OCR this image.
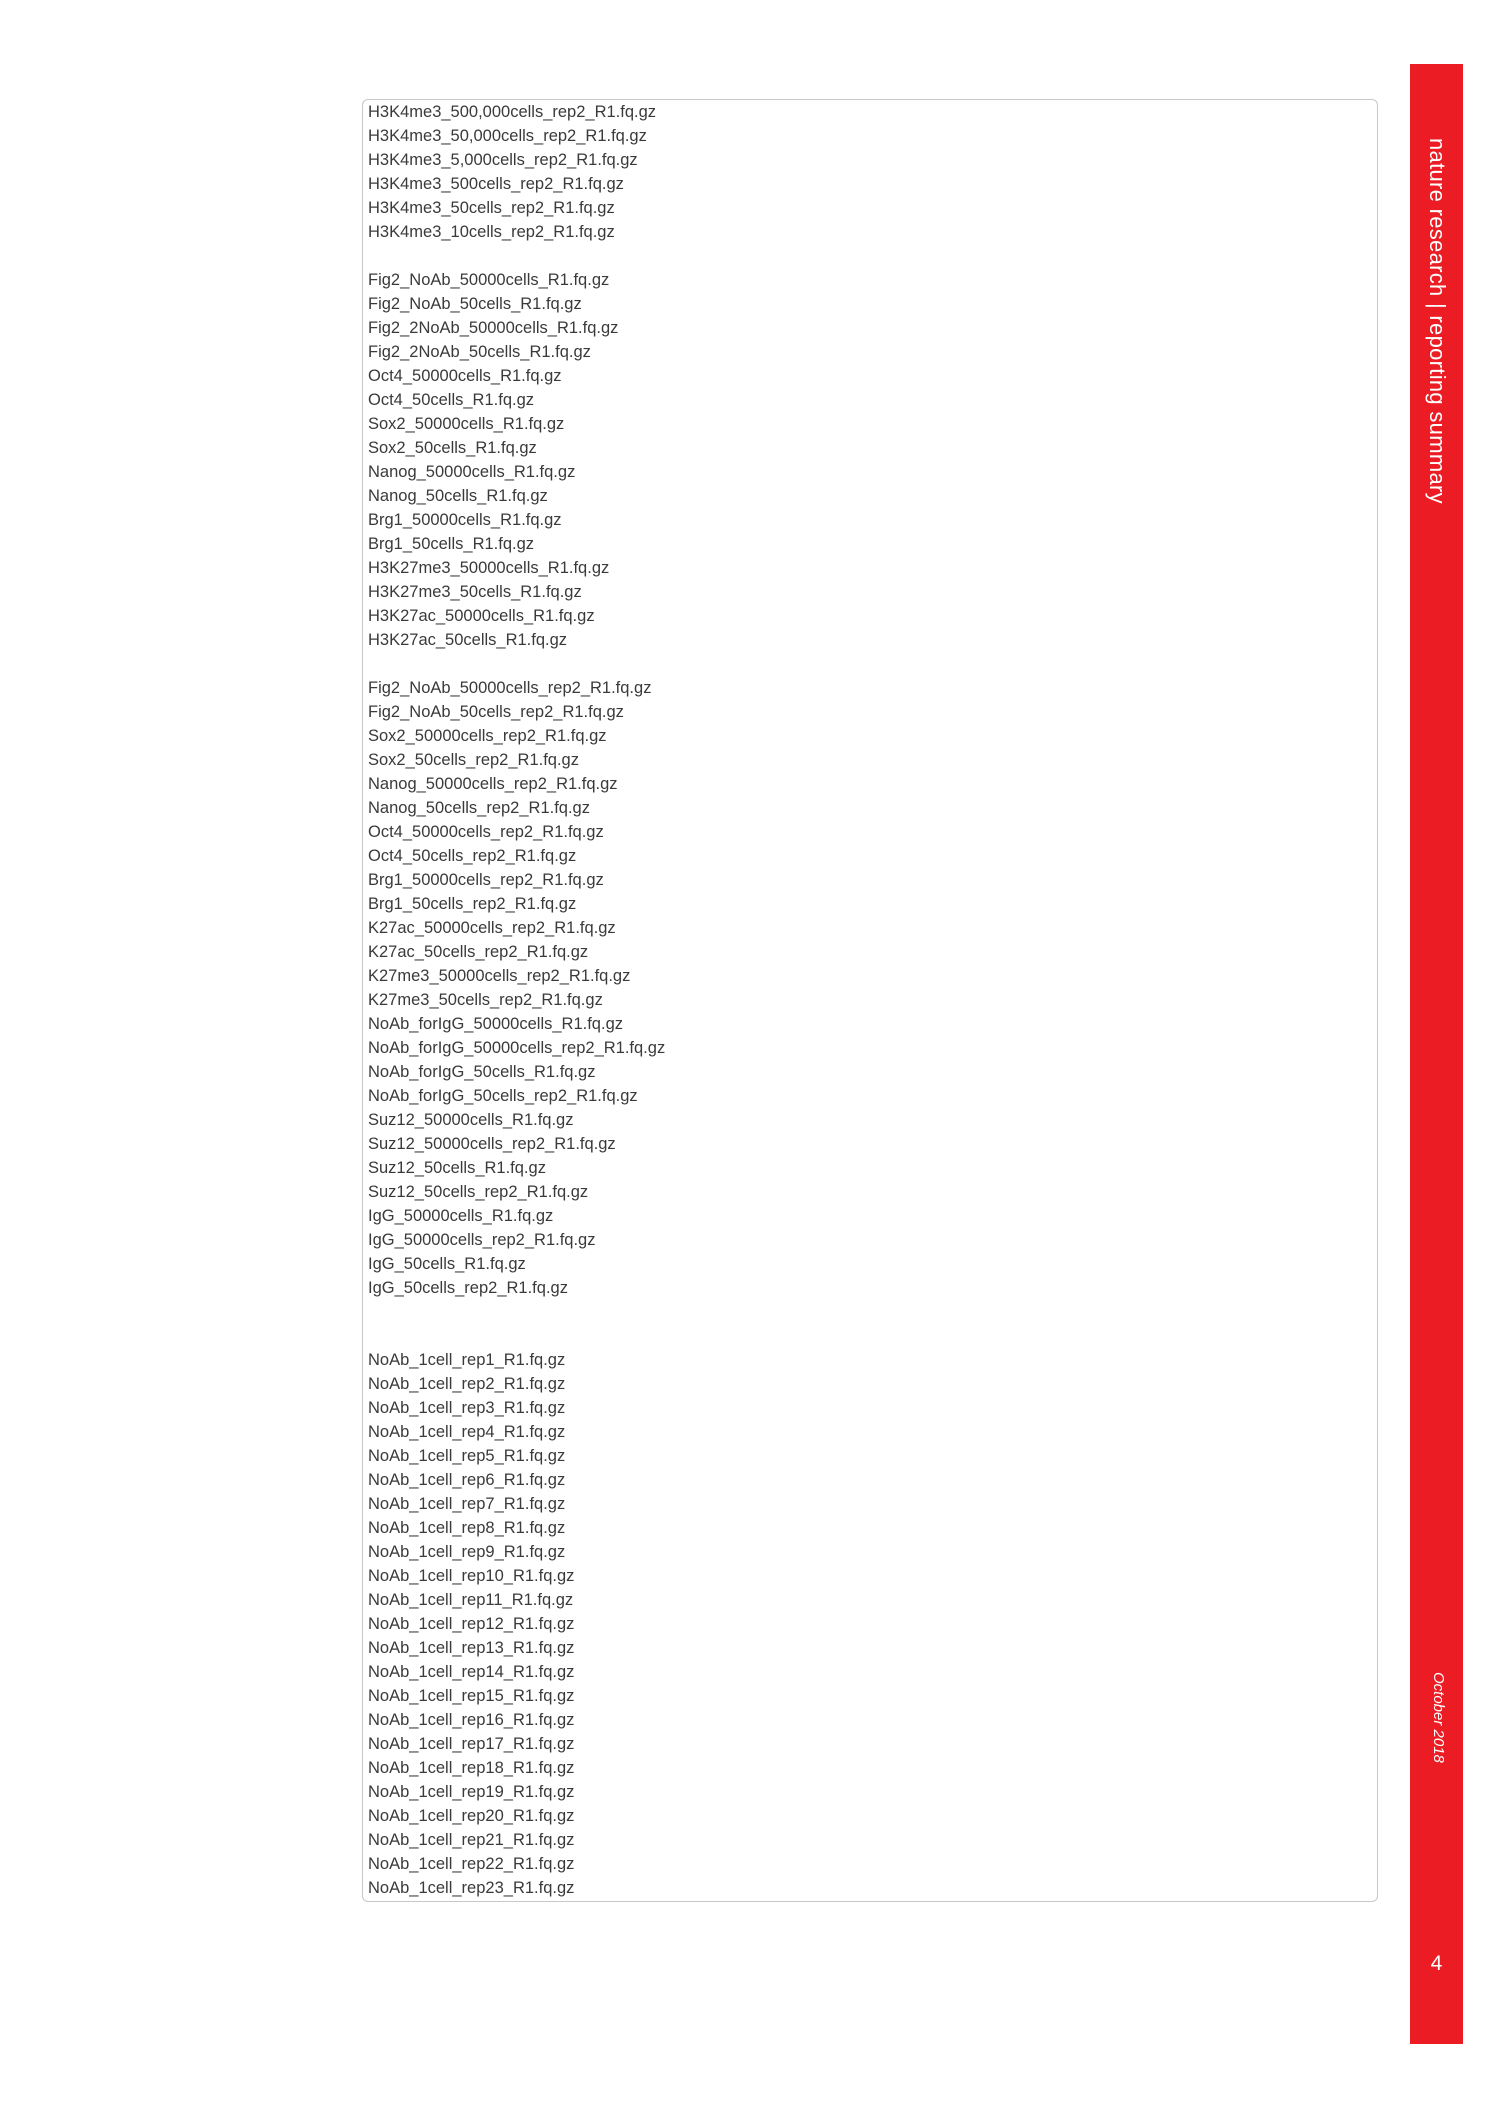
H3K4me3_500,000cells_rep2_R1.fq.gz
H3K4me3_50,000cells_rep2_R1.fq.gz
H3K4me3_5,000cells_rep2_R1.fq.gz
H3K4me3_500cells_rep2_R1.fq.gz
H3K4me3_50cells_rep2_R1.fq.gz
H3K4me3_10cells_rep2_R1.fq.gz
Fig2_NoAb_50000cells_R1.fq.gz
Fig2_NoAb_50cells_R1.fq.gz
Fig2_2NoAb_50000cells_R1.fq.gz
Fig2_2NoAb_50cells_R1.fq.gz
Oct4_50000cells_R1.fq.gz
Oct4_50cells_R1.fq.gz
Sox2_50000cells_R1.fq.gz
Sox2_50cells_R1.fq.gz
Nanog_50000cells_R1.fq.gz
Nanog_50cells_R1.fq.gz
Brg1_50000cells_R1.fq.gz
Brg1_50cells_R1.fq.gz
H3K27me3_50000cells_R1.fq.gz
H3K27me3_50cells_R1.fq.gz
H3K27ac_50000cells_R1.fq.gz
H3K27ac_50cells_R1.fq.gz
Fig2_NoAb_50000cells_rep2_R1.fq.gz
Fig2_NoAb_50cells_rep2_R1.fq.gz
Sox2_50000cells_rep2_R1.fq.gz
Sox2_50cells_rep2_R1.fq.gz
Nanog_50000cells_rep2_R1.fq.gz
Nanog_50cells_rep2_R1.fq.gz
Oct4_50000cells_rep2_R1.fq.gz
Oct4_50cells_rep2_R1.fq.gz
Brg1_50000cells_rep2_R1.fq.gz
Brg1_50cells_rep2_R1.fq.gz
K27ac_50000cells_rep2_R1.fq.gz
K27ac_50cells_rep2_R1.fq.gz
K27me3_50000cells_rep2_R1.fq.gz
K27me3_50cells_rep2_R1.fq.gz
NoAb_forIgG_50000cells_R1.fq.gz
NoAb_forIgG_50000cells_rep2_R1.fq.gz
NoAb_forIgG_50cells_R1.fq.gz
NoAb_forIgG_50cells_rep2_R1.fq.gz
Suz12_50000cells_R1.fq.gz
Suz12_50000cells_rep2_R1.fq.gz
Suz12_50cells_R1.fq.gz
Suz12_50cells_rep2_R1.fq.gz
IgG_50000cells_R1.fq.gz
IgG_50000cells_rep2_R1.fq.gz
IgG_50cells_R1.fq.gz
IgG_50cells_rep2_R1.fq.gz
NoAb_1cell_rep1_R1.fq.gz
NoAb_1cell_rep2_R1.fq.gz
NoAb_1cell_rep3_R1.fq.gz
NoAb_1cell_rep4_R1.fq.gz
NoAb_1cell_rep5_R1.fq.gz
NoAb_1cell_rep6_R1.fq.gz
NoAb_1cell_rep7_R1.fq.gz
NoAb_1cell_rep8_R1.fq.gz
NoAb_1cell_rep9_R1.fq.gz
NoAb_1cell_rep10_R1.fq.gz
NoAb_1cell_rep11_R1.fq.gz
NoAb_1cell_rep12_R1.fq.gz
NoAb_1cell_rep13_R1.fq.gz
NoAb_1cell_rep14_R1.fq.gz
NoAb_1cell_rep15_R1.fq.gz
NoAb_1cell_rep16_R1.fq.gz
NoAb_1cell_rep17_R1.fq.gz
NoAb_1cell_rep18_R1.fq.gz
NoAb_1cell_rep19_R1.fq.gz
NoAb_1cell_rep20_R1.fq.gz
NoAb_1cell_rep21_R1.fq.gz
NoAb_1cell_rep22_R1.fq.gz
NoAb_1cell_rep23_R1.fq.gz
nature research | reporting summary
October 2018
4
